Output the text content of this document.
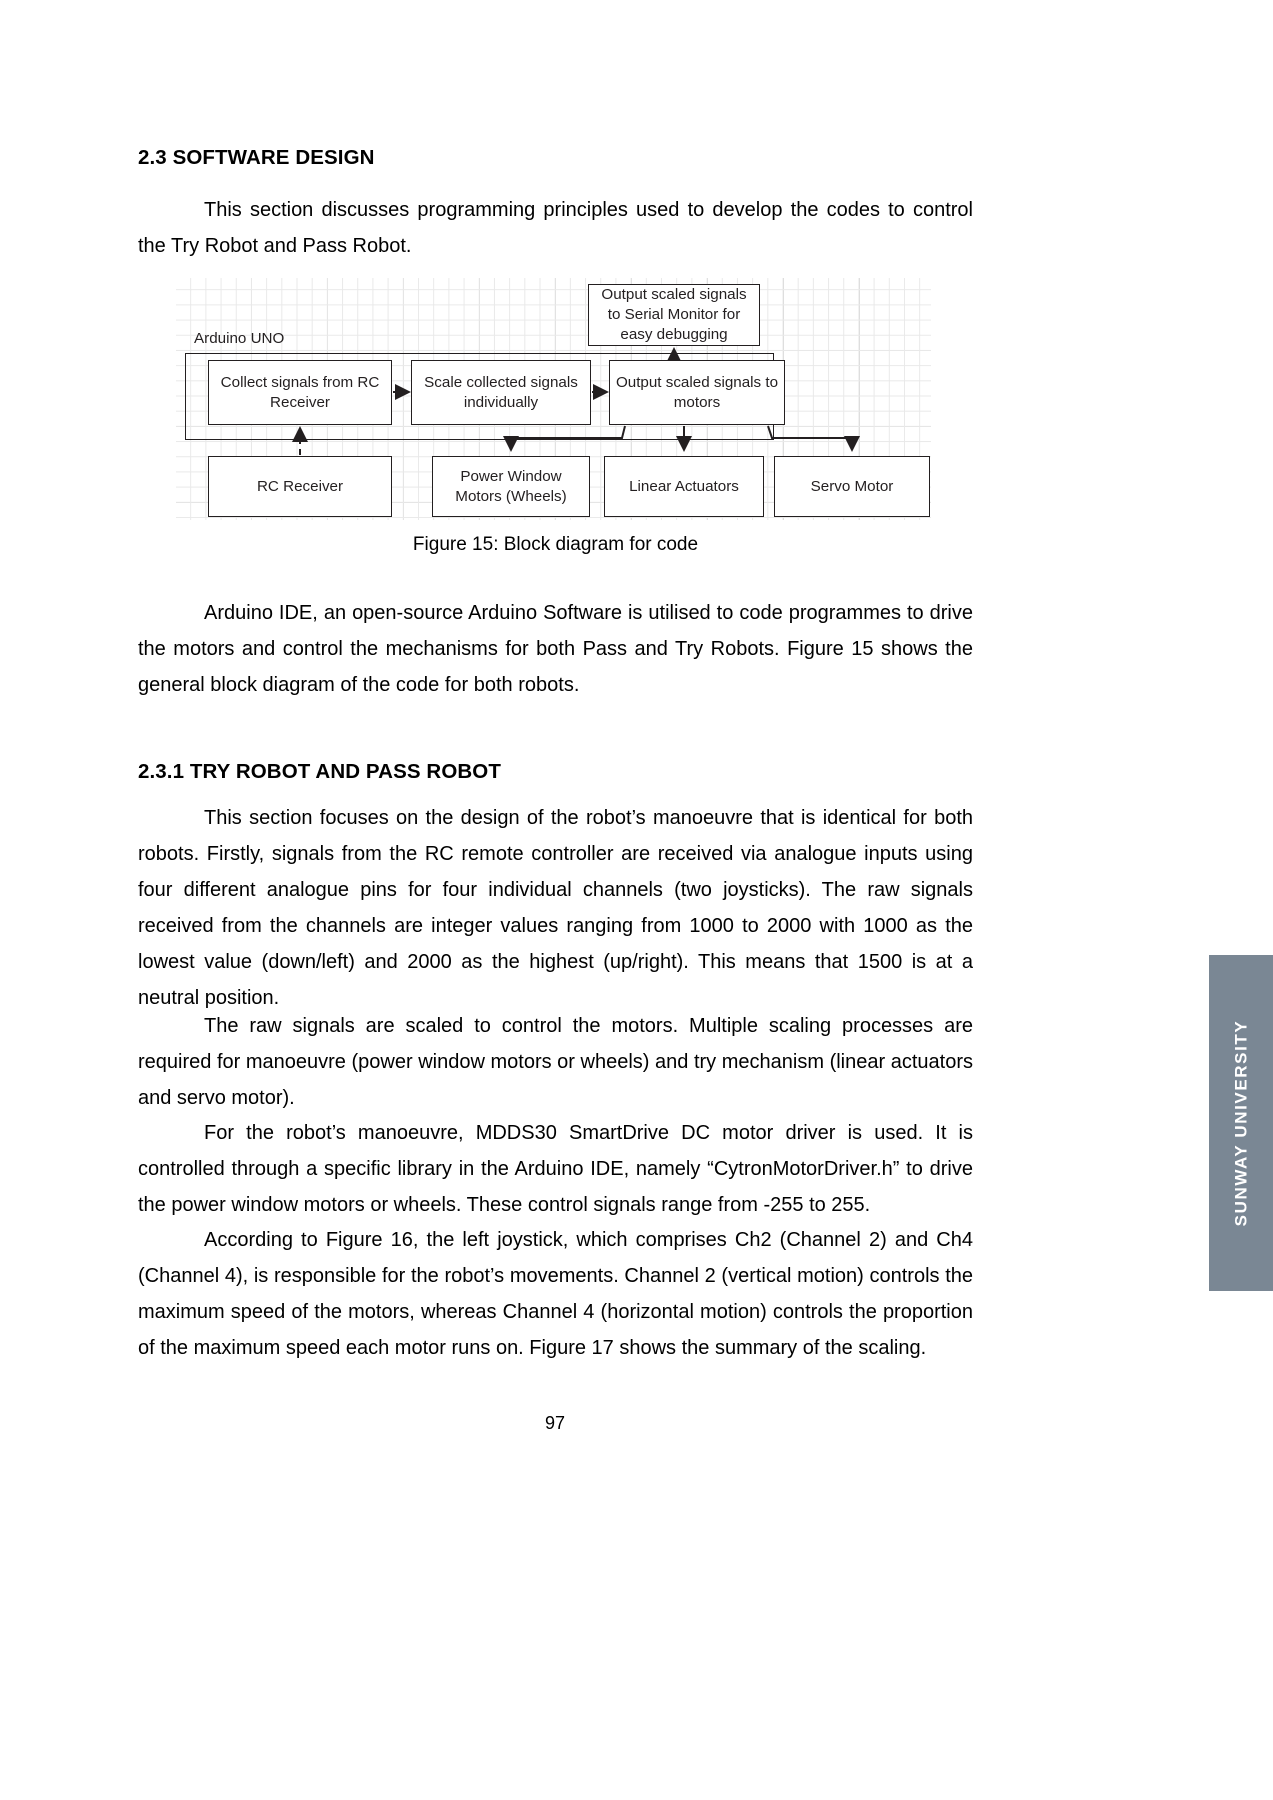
2.3 SOFTWARE DESIGN

This section discusses programming principles used to develop the codes to control the Try Robot and Pass Robot.

Arduino UNO
Collect signals from RC Receiver
Scale collected signals individually
Output scaled signals to motors
Output scaled signals to Serial Monitor for easy debugging
RC Receiver
Power Window Motors (Wheels)
Linear Actuators	Servo Motor
Figure 15: Block diagram for code

Arduino IDE, an open-source Arduino Software is utilised to code programmes to drive the motors and control the mechanisms for both Pass and Try Robots. Figure 15 shows the general block diagram of the code for both robots.

2.3.1 TRY ROBOT AND PASS ROBOT

This section focuses on the design of the robot’s manoeuvre that is identical for both robots. Firstly, signals from the RC remote controller are received via analogue inputs using four different analogue pins for four individual channels (two joysticks). The raw signals received from the channels are integer values ranging from 1000 to 2000 with 1000 as the lowest value (down/left) and 2000 as the highest (up/right). This means that 1500 is at a neutral position.

The raw signals are scaled to control the motors. Multiple scaling processes are required for manoeuvre (power window motors or wheels) and try mechanism (linear actuators and servo motor).

For the robot’s manoeuvre, MDDS30 SmartDrive DC motor driver is used. It is controlled through a specific library in the Arduino IDE, namely “CytronMotorDriver.h” to drive the power window motors or wheels. These control signals range from -255 to 255.

According to Figure 16, the left joystick, which comprises Ch2 (Channel 2) and Ch4 (Channel 4), is responsible for the robot’s movements. Channel 2 (vertical motion) controls the maximum speed of the motors, whereas Channel 4 (horizontal motion) controls the proportion of the maximum speed each motor runs on. Figure 17 shows the summary of the scaling.

SUNWAY UNIVERSITY
97
